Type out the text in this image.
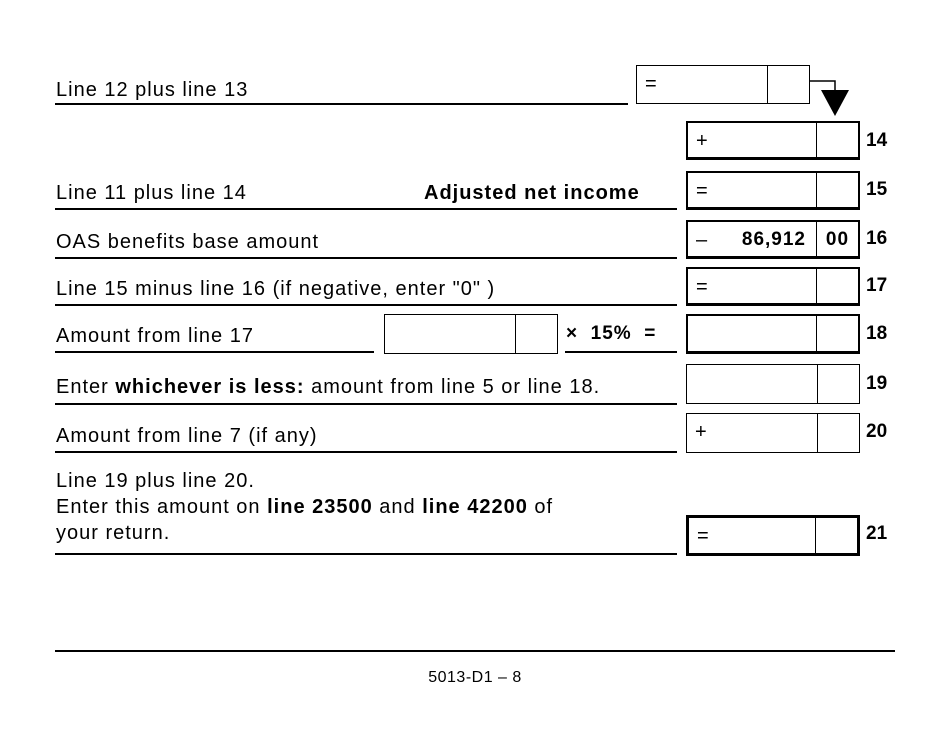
Line 12 plus line 13	=
+	14
Line 11 plus line 14	Adjusted net income	=	15
OAS benefits base amount	– 86,912	00 16
Line 15 minus line 16 (if negative, enter "0" )	=	17
Amount from line 17	×  15%  =	18
Enter whichever is less: amount from line 5 or line 18.	19
Amount from line 7 (if any)	+	20
Line 19 plus line 20.
Enter this amount on line 23500 and line 42200 of
your return.	=	21
5013-D1 – 8
